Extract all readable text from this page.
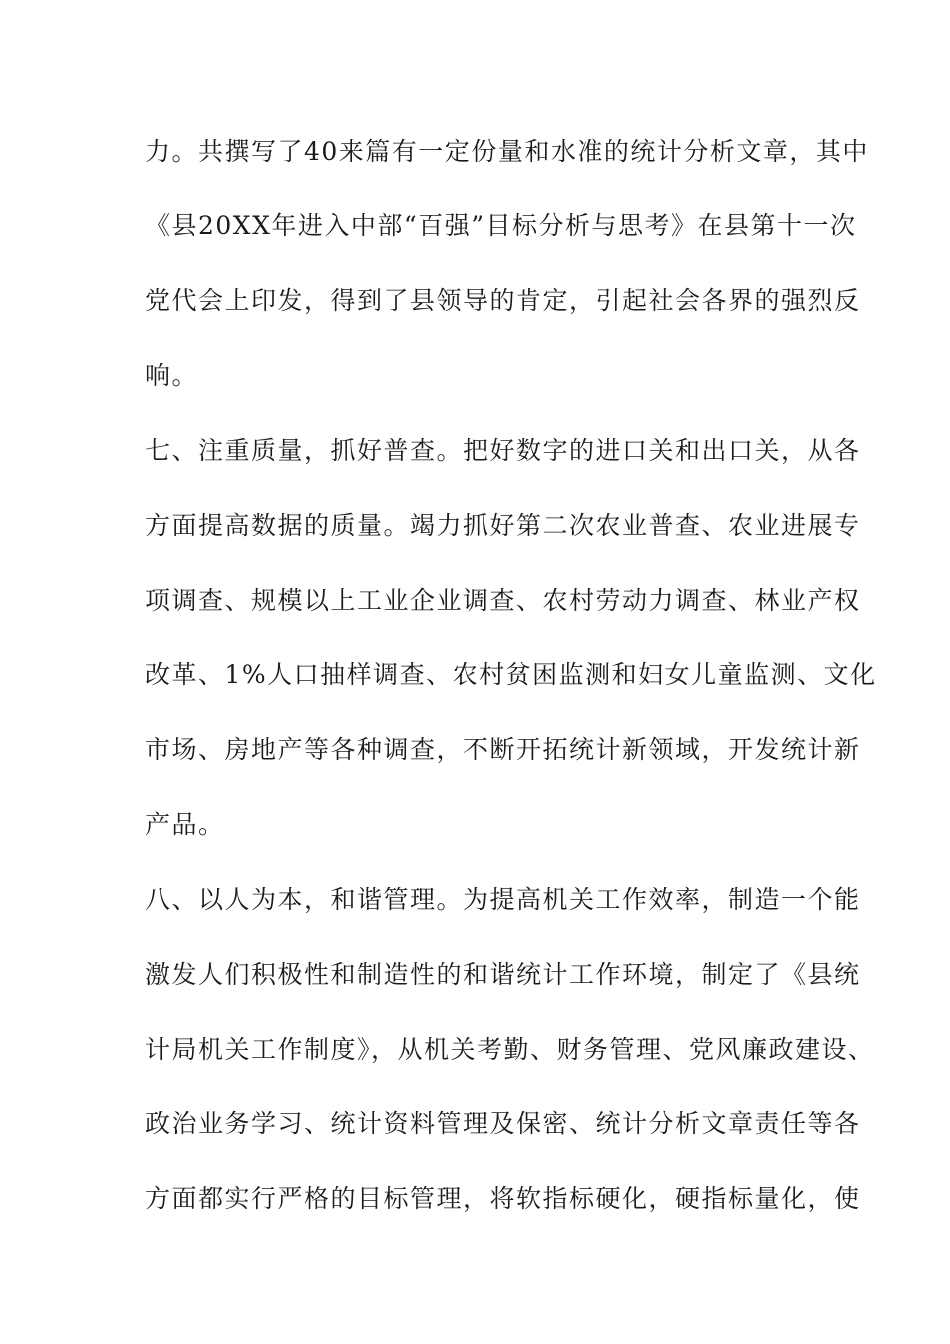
力。共撰写了40来篇有一定份量和水准的统计分析文章，其中
《县20XX年进入中部“百强”目标分析与思考》在县第十一次
党代会上印发，得到了县领导的肯定，引起社会各界的强烈反
响。
七、注重质量，抓好普查。把好数字的进口关和出口关，从各
方面提高数据的质量。竭力抓好第二次农业普查、农业进展专
项调查、规模以上工业企业调查、农村劳动力调查、林业产权
改革、1%人口抽样调查、农村贫困监测和妇女儿童监测、文化
市场、房地产等各种调查，不断开拓统计新领域，开发统计新
产品。
八、以人为本，和谐管理。为提高机关工作效率，制造一个能
激发人们积极性和制造性的和谐统计工作环境，制定了《县统
计局机关工作制度》，从机关考勤、财务管理、党风廉政建设、
政治业务学习、统计资料管理及保密、统计分析文章责任等各
方面都实行严格的目标管理，将软指标硬化，硬指标量化，使
